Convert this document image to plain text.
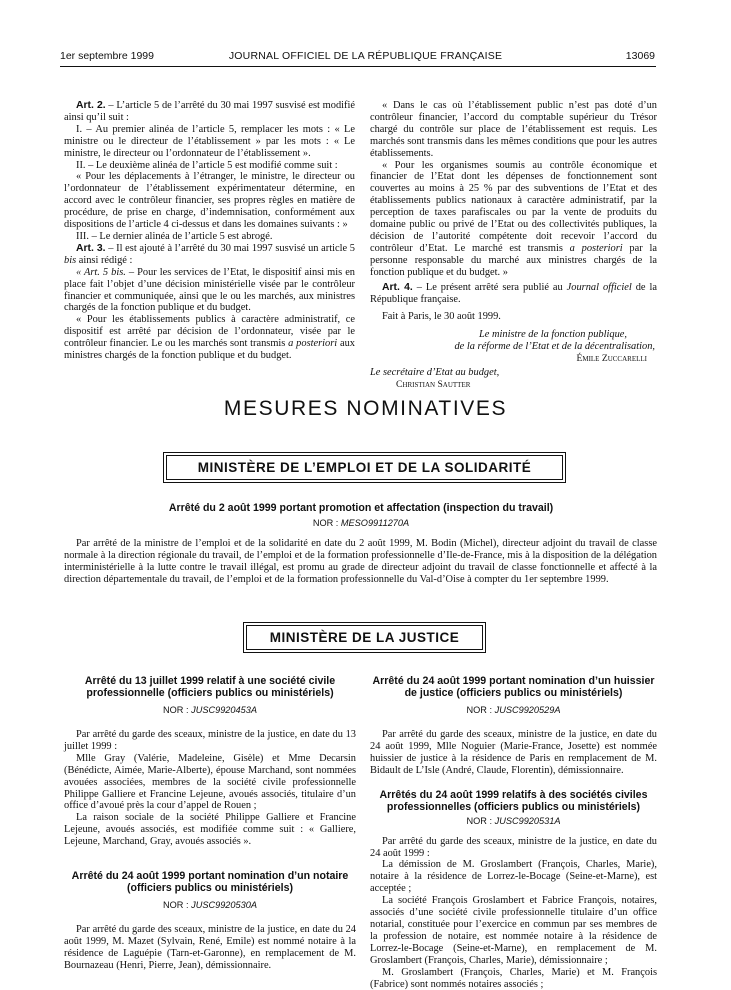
1er septembre 1999	JOURNAL OFFICIEL DE LA RÉPUBLIQUE FRANÇAISE	13069

Art. 2. – L’article 5 de l’arrêté du 30 mai 1997 susvisé est modifié ainsi qu’il suit :

I. – Au premier alinéa de l’article 5, remplacer les mots : « Le ministre ou le directeur de l’établissement » par les mots : « Le ministre, le directeur ou l’ordonnateur de l’établissement ».

II. – Le deuxième alinéa de l’article 5 est modifié comme suit :

« Pour les déplacements à l’étranger, le ministre, le directeur ou l’ordonnateur de l’établissement expérimentateur détermine, en accord avec le contrôleur financier, ses propres règles en matière de procédure, de prise en charge, d’indemnisation, conformément aux dispositions de l’article 4 ci-dessus et dans les domaines suivants : »

III. – Le dernier alinéa de l’article 5 est abrogé.

Art. 3. – Il est ajouté à l’arrêté du 30 mai 1997 susvisé un article 5 bis ainsi rédigé :

« Art. 5 bis. – Pour les services de l’Etat, le dispositif ainsi mis en place fait l’objet d’une décision ministérielle visée par le contrôleur financier et communiquée, ainsi que le ou les marchés, aux ministres chargés de la fonction publique et du budget.

« Pour les établissements publics à caractère administratif, ce dispositif est arrêté par décision de l’ordonnateur, visée par le contrôleur financier. Le ou les marchés sont transmis a posteriori aux ministres chargés de la fonction publique et du budget.

« Dans le cas où l’établissement public n’est pas doté d’un contrôleur financier, l’accord du comptable supérieur du Trésor chargé du contrôle sur place de l’établissement est requis. Les marchés sont transmis dans les mêmes conditions que pour les autres établissements.

« Pour les organismes soumis au contrôle économique et financier de l’Etat dont les dépenses de fonctionnement sont couvertes au moins à 25 % par des subventions de l’Etat et des établissements publics nationaux à caractère administratif, par la perception de taxes parafiscales ou par la vente de produits du domaine public ou privé de l’Etat ou des collectivités publiques, la décision de l’autorité compétente doit recevoir l’accord du contrôleur d’Etat. Le marché est transmis a posteriori par la personne responsable du marché aux ministres chargés de la fonction publique et du budget. »

Art. 4. – Le présent arrêté sera publié au Journal officiel de la République française.

Fait à Paris, le 30 août 1999.

Le ministre de la fonction publique,

de la réforme de l’Etat et de la décentralisation,

Émile Zuccarelli

Le secrétaire d’Etat au budget,

Christian Sautter

MESURES NOMINATIVES
MINISTÈRE DE L’EMPLOI ET DE LA SOLIDARITÉ
Arrêté du 2 août 1999 portant promotion et affectation (inspection du travail)
NOR : MESO9911270A

Par arrêté de la ministre de l’emploi et de la solidarité en date du 2 août 1999, M. Bodin (Michel), directeur adjoint du travail de classe normale à la direction régionale du travail, de l’emploi et de la formation professionnelle d’Ile-de-France, mis à la disposition de la délégation interministérielle à la lutte contre le travail illégal, est promu au grade de directeur adjoint du travail de classe fonctionnelle et affecté à la direction départementale du travail, de l’emploi et de la formation professionnelle du Val-d’Oise à compter du 1er septembre 1999.

MINISTÈRE DE LA JUSTICE
Arrêté du 13 juillet 1999 relatif à une société civile professionnelle (officiers publics ou ministériels)
NOR : JUSC9920453A

Par arrêté du garde des sceaux, ministre de la justice, en date du 13 juillet 1999 :

Mlle Gray (Valérie, Madeleine, Gisèle) et Mme Decarsin (Bénédicte, Aimée, Marie-Alberte), épouse Marchand, sont nommées avouées associées, membres de la société civile professionnelle Philippe Galliere et Francine Lejeune, avoués associés, titulaire d’un office d’avoué près la cour d’appel de Rouen ;

La raison sociale de la société Philippe Galliere et Francine Lejeune, avoués associés, est modifiée comme suit : « Galliere, Lejeune, Marchand, Gray, avoués associés ».

Arrêté du 24 août 1999 portant nomination d’un notaire (officiers publics ou ministériels)
NOR : JUSC9920530A

Par arrêté du garde des sceaux, ministre de la justice, en date du 24 août 1999, M. Mazet (Sylvain, René, Emile) est nommé notaire à la résidence de Laguépie (Tarn-et-Garonne), en remplacement de M. Bournazeau (Henri, Pierre, Jean), démissionnaire.

Arrêté du 24 août 1999 portant nomination d’un huissier de justice (officiers publics ou ministériels)
NOR : JUSC9920529A

Par arrêté du garde des sceaux, ministre de la justice, en date du 24 août 1999, Mlle Noguier (Marie-France, Josette) est nommée huissier de justice à la résidence de Paris en remplacement de M. Bidault de L’Isle (André, Claude, Florentin), démissionnaire.

Arrêtés du 24 août 1999 relatifs à des sociétés civiles professionnelles (officiers publics ou ministériels)
NOR : JUSC9920531A

Par arrêté du garde des sceaux, ministre de la justice, en date du 24 août 1999 :

La démission de M. Groslambert (François, Charles, Marie), notaire à la résidence de Lorrez-le-Bocage (Seine-et-Marne), est acceptée ;

La société François Groslambert et Fabrice François, notaires, associés d’une société civile professionnelle titulaire d’un office notarial, constituée pour l’exercice en commun par ses membres de la profession de notaire, est nommée notaire à la résidence de Lorrez-le-Bocage (Seine-et-Marne), en remplacement de M. Groslambert (François, Charles, Marie), démissionnaire ;

M. Groslambert (François, Charles, Marie) et M. François (Fabrice) sont nommés notaires associés ;
